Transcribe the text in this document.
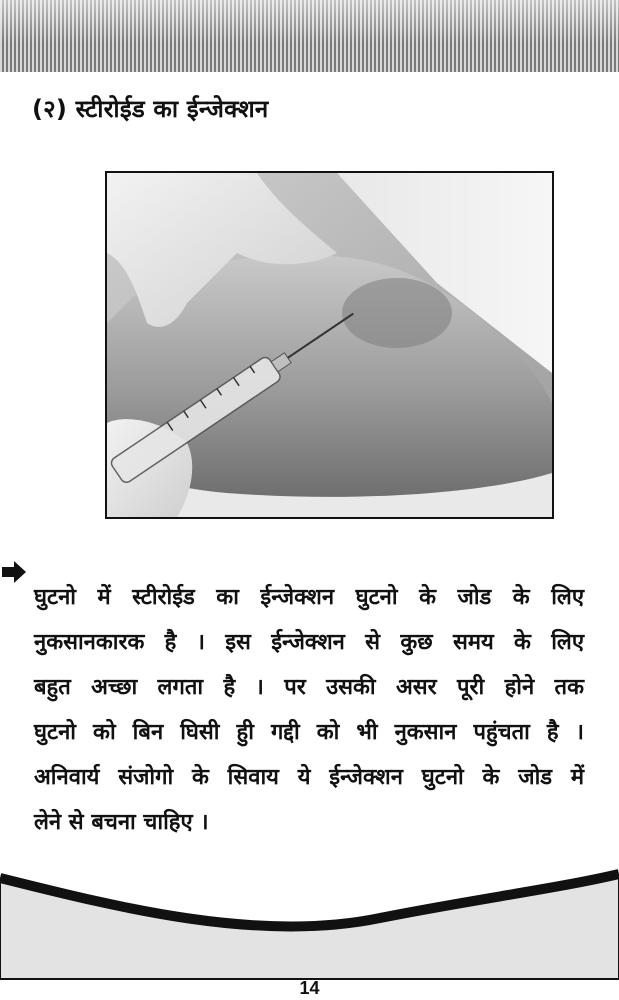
(२) स्टीरोईड का ईन्जेक्शन
घुटनो में स्टीरोईड का ईन्जेक्शन घुटनो के जोड के लिए
नुकसानकारक है । इस ईन्जेक्शन से कुछ समय के लिए
बहुत अच्छा लगता है । पर उसकी असर पूरी होने तक
घुटनो को बिन घिसी हुी गद्दी को भी नुकसान पहुंचता है ।
अनिवार्य संजोगो के सिवाय ये ईन्जेक्शन घुटनो के जोड में
लेने से बचना चाहिए ।
14
